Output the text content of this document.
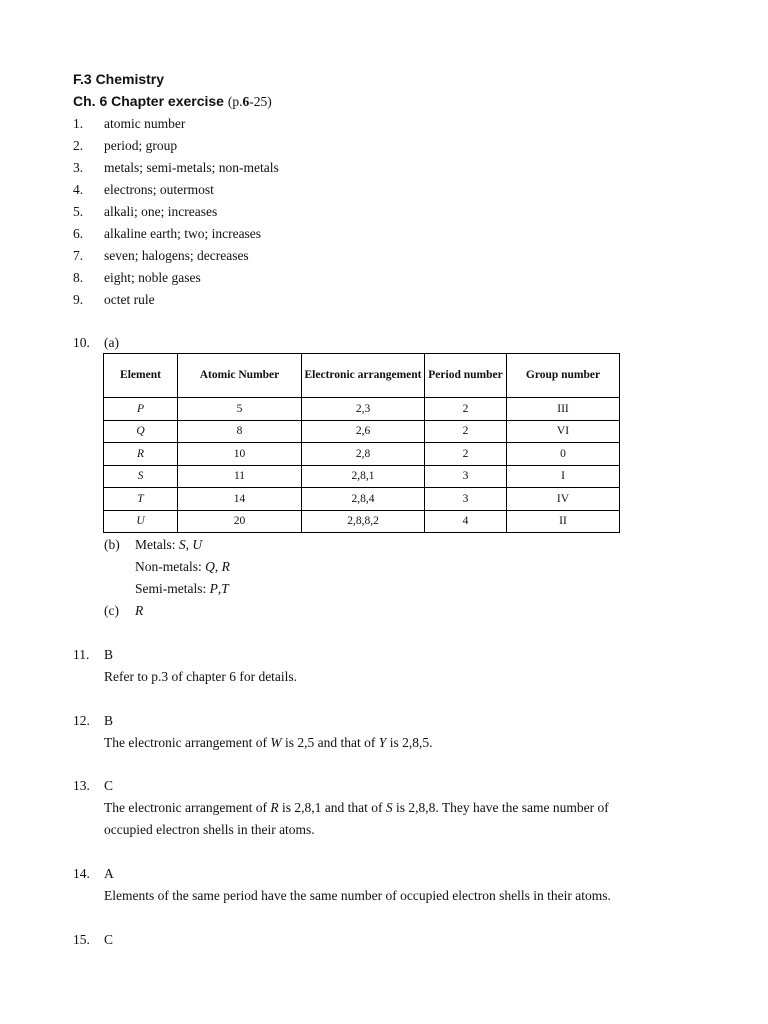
F.3 Chemistry
Ch. 6 Chapter exercise (p.6-25)
1. atomic number
2. period; group
3. metals; semi-metals; non-metals
4. electrons; outermost
5. alkali; one; increases
6. alkaline earth; two; increases
7. seven; halogens; decreases
8. eight; noble gases
9. octet rule
10. (a)
Element	Atomic Number	Electronic arrangement	Period number	Group number
P	5	2,3	2	III
Q	8	2,6	2	VI
R	10	2,8	2	0
S	11	2,8,1	3	I
T	14	2,8,4	3	IV
U	20	2,8,8,2	4	II
(b) Metals: S, U
Non-metals: Q, R
Semi-metals: P,T
(c) R
11. B
Refer to p.3 of chapter 6 for details.
12. B
The electronic arrangement of W is 2,5 and that of Y is 2,8,5.
13. C
The electronic arrangement of R is 2,8,1 and that of S is 2,8,8. They have the same number of
occupied electron shells in their atoms.
14. A
Elements of the same period have the same number of occupied electron shells in their atoms.
15. C
